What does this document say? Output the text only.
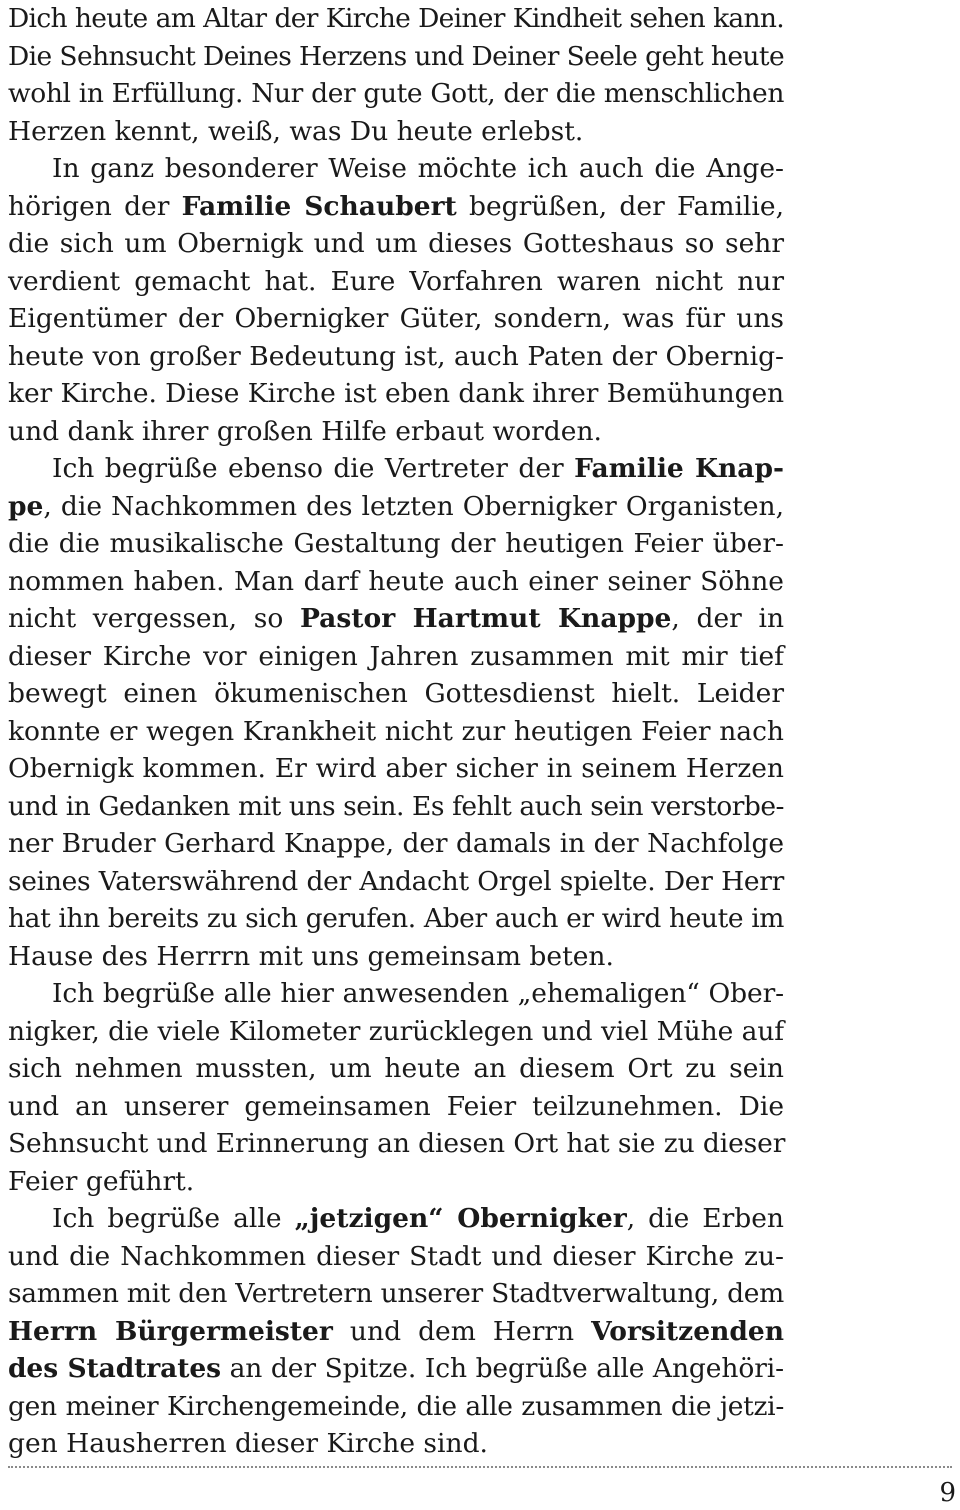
Dich heute am Altar der Kirche Deiner Kindheit sehen kann.
Die Sehnsucht Deines Herzens und Deiner Seele geht heute
wohl in Erfüllung. Nur der gute Gott, der die menschlichen
Herzen kennt, weiß, was Du heute erlebst.
In ganz besonderer Weise möchte ich auch die Ange-
hörigen der Familie Schaubert begrüßen, der Familie,
die sich um Obernigk und um dieses Gotteshaus so sehr
verdient gemacht hat. Eure Vorfahren waren nicht nur
Eigentümer der Obernigker Güter, sondern, was für uns
heute von großer Bedeutung ist, auch Paten der Obernig-
ker Kirche. Diese Kirche ist eben dank ihrer Bemühungen
und dank ihrer großen Hilfe erbaut worden.
Ich begrüße ebenso die Vertreter der Familie Knap-
pe, die Nachkommen des letzten Obernigker Organisten,
die die musikalische Gestaltung der heutigen Feier über-
nommen haben. Man darf heute auch einer seiner Söhne
nicht vergessen, so Pastor Hartmut Knappe, der in
dieser Kirche vor einigen Jahren zusammen mit mir tief
bewegt einen ökumenischen Gottesdienst hielt. Leider
konnte er wegen Krankheit nicht zur heutigen Feier nach
Obernigk kommen. Er wird aber sicher in seinem Herzen
und in Gedanken mit uns sein. Es fehlt auch sein verstorbe-
ner Bruder Gerhard Knappe, der damals in der Nachfolge
seines Vaterswährend der Andacht Orgel spielte. Der Herr
hat ihn bereits zu sich gerufen. Aber auch er wird heute im
Hause des Herrrn mit uns gemeinsam beten.
Ich begrüße alle hier anwesenden „ehemaligen“ Ober-
nigker, die viele Kilometer zurücklegen und viel Mühe auf
sich nehmen mussten, um heute an diesem Ort zu sein
und an unserer gemeinsamen Feier teilzunehmen. Die
Sehnsucht und Erinnerung an diesen Ort hat sie zu dieser
Feier geführt.
Ich begrüße alle „jetzigen“ Obernigker, die Erben
und die Nachkommen dieser Stadt und dieser Kirche zu-
sammen mit den Vertretern unserer Stadtverwaltung, dem
Herrn Bürgermeister und dem Herrn Vorsitzenden
des Stadtrates an der Spitze. Ich begrüße alle Angehöri-
gen meiner Kirchengemeinde, die alle zusammen die jetzi-
gen Hausherren dieser Kirche sind.
9
